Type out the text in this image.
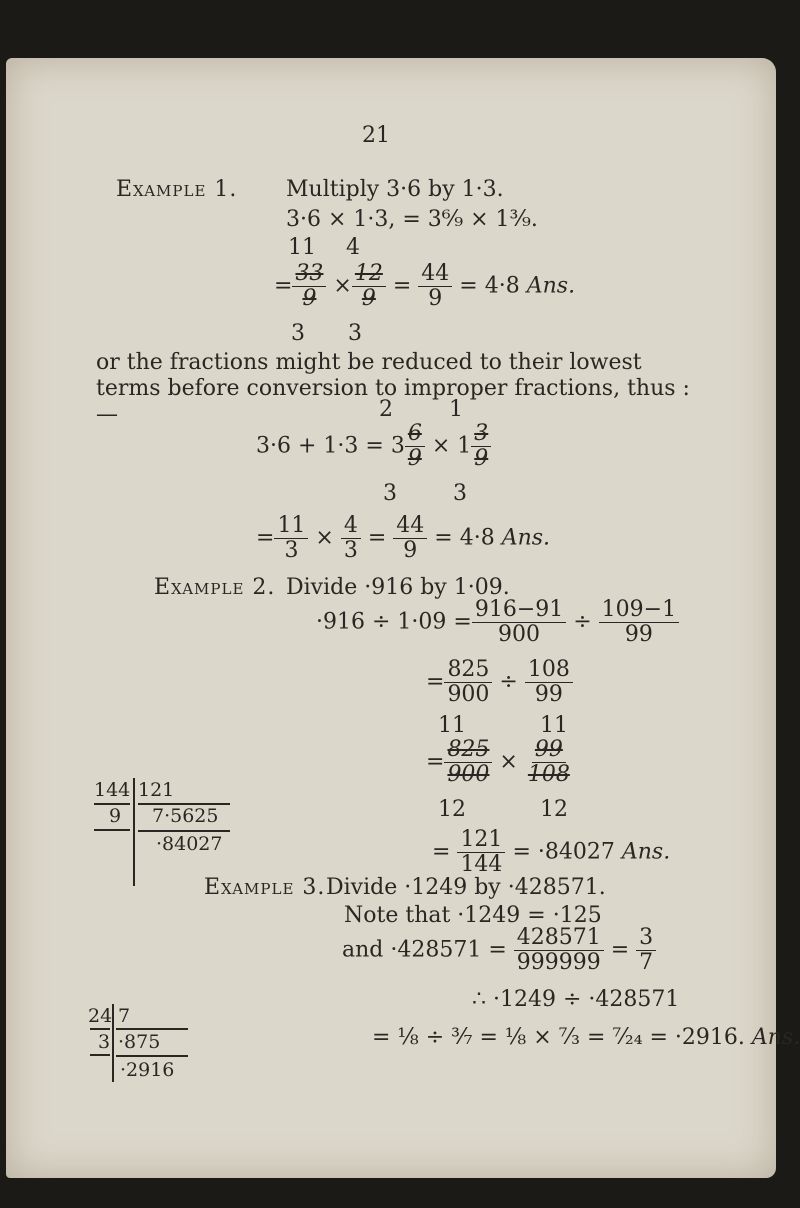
21
Example 1. Multiply 3·6 by 1·3.
3·6 × 1·3, = 3⁶⁄₉ × 1³⁄₉.
11 4
= $\frac{33}{9} \times \frac{12}{9} = \frac{44}{9} = 4\cdot 8$ Ans.
3 3
or the fractions might be reduced to their lowest terms before conversion to improper fractions, thus :—	2	1
$3\cdot 6 + 1\cdot 3 = 3 \frac{6}{9} \times 1 \frac{3}{9}$
3	3
= $\frac{11}{3} \times \frac{4}{3} = \frac{44}{9} = 4\cdot 8$ Ans.
Example 2. Divide ·916 by 1·09.
$\cdot 916 \div 1\cdot 09 = \frac{916-91}{900} \div \frac{109-1}{99}$
= $\frac{825}{900} \div \frac{108}{99}$
11	11
= $\frac{825}{900} \times \frac{99}{108}$
12	12
= $\frac{121}{144} = \cdot 84027$ Ans.
144 121
9 7·5625
·84027
Example 3. Divide ·1249 by ·428571.
Note that ·1249 = ·125
and $\cdot 428571 = \frac{428571}{999999} = \frac{3}{7}$
∴ ·1249 ÷ ·428571
= ⅛ ÷ ³⁄₇ = ⅛ × ⁷⁄₃ = ⁷⁄₂₄ = ·2916. Ans.
24 7
3 ·875
·2916
